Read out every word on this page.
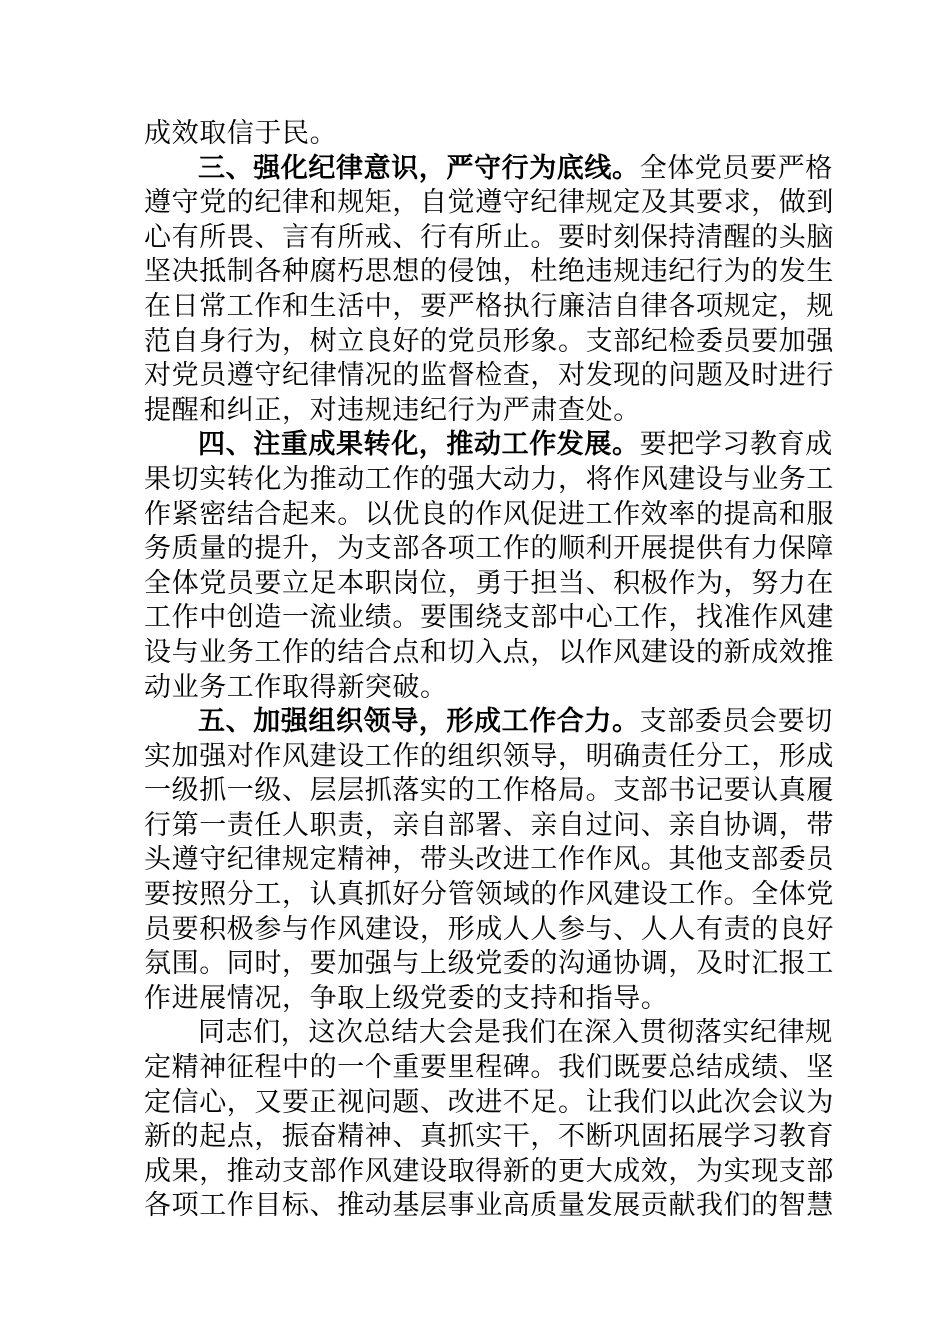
成效取信于民。
三、强化纪律意识，严守行为底线。全体党员要严格
遵守党的纪律和规矩，自觉遵守纪律规定及其要求，做到
心有所畏、言有所戒、行有所止。要时刻保持清醒的头脑
坚决抵制各种腐朽思想的侵蚀，杜绝违规违纪行为的发生
在日常工作和生活中，要严格执行廉洁自律各项规定，规
范自身行为，树立良好的党员形象。支部纪检委员要加强
对党员遵守纪律情况的监督检查，对发现的问题及时进行
提醒和纠正，对违规违纪行为严肃查处。
四、注重成果转化，推动工作发展。要把学习教育成
果切实转化为推动工作的强大动力，将作风建设与业务工
作紧密结合起来。以优良的作风促进工作效率的提高和服
务质量的提升，为支部各项工作的顺利开展提供有力保障
全体党员要立足本职岗位，勇于担当、积极作为，努力在
工作中创造一流业绩。要围绕支部中心工作，找准作风建
设与业务工作的结合点和切入点，以作风建设的新成效推
动业务工作取得新突破。
五、加强组织领导，形成工作合力。支部委员会要切
实加强对作风建设工作的组织领导，明确责任分工，形成
一级抓一级、层层抓落实的工作格局。支部书记要认真履
行第一责任人职责，亲自部署、亲自过问、亲自协调，带
头遵守纪律规定精神，带头改进工作作风。其他支部委员
要按照分工，认真抓好分管领域的作风建设工作。全体党
员要积极参与作风建设，形成人人参与、人人有责的良好
氛围。同时，要加强与上级党委的沟通协调，及时汇报工
作进展情况，争取上级党委的支持和指导。
同志们，这次总结大会是我们在深入贯彻落实纪律规
定精神征程中的一个重要里程碑。我们既要总结成绩、坚
定信心，又要正视问题、改进不足。让我们以此次会议为
新的起点，振奋精神、真抓实干，不断巩固拓展学习教育
成果，推动支部作风建设取得新的更大成效，为实现支部
各项工作目标、推动基层事业高质量发展贡献我们的智慧
